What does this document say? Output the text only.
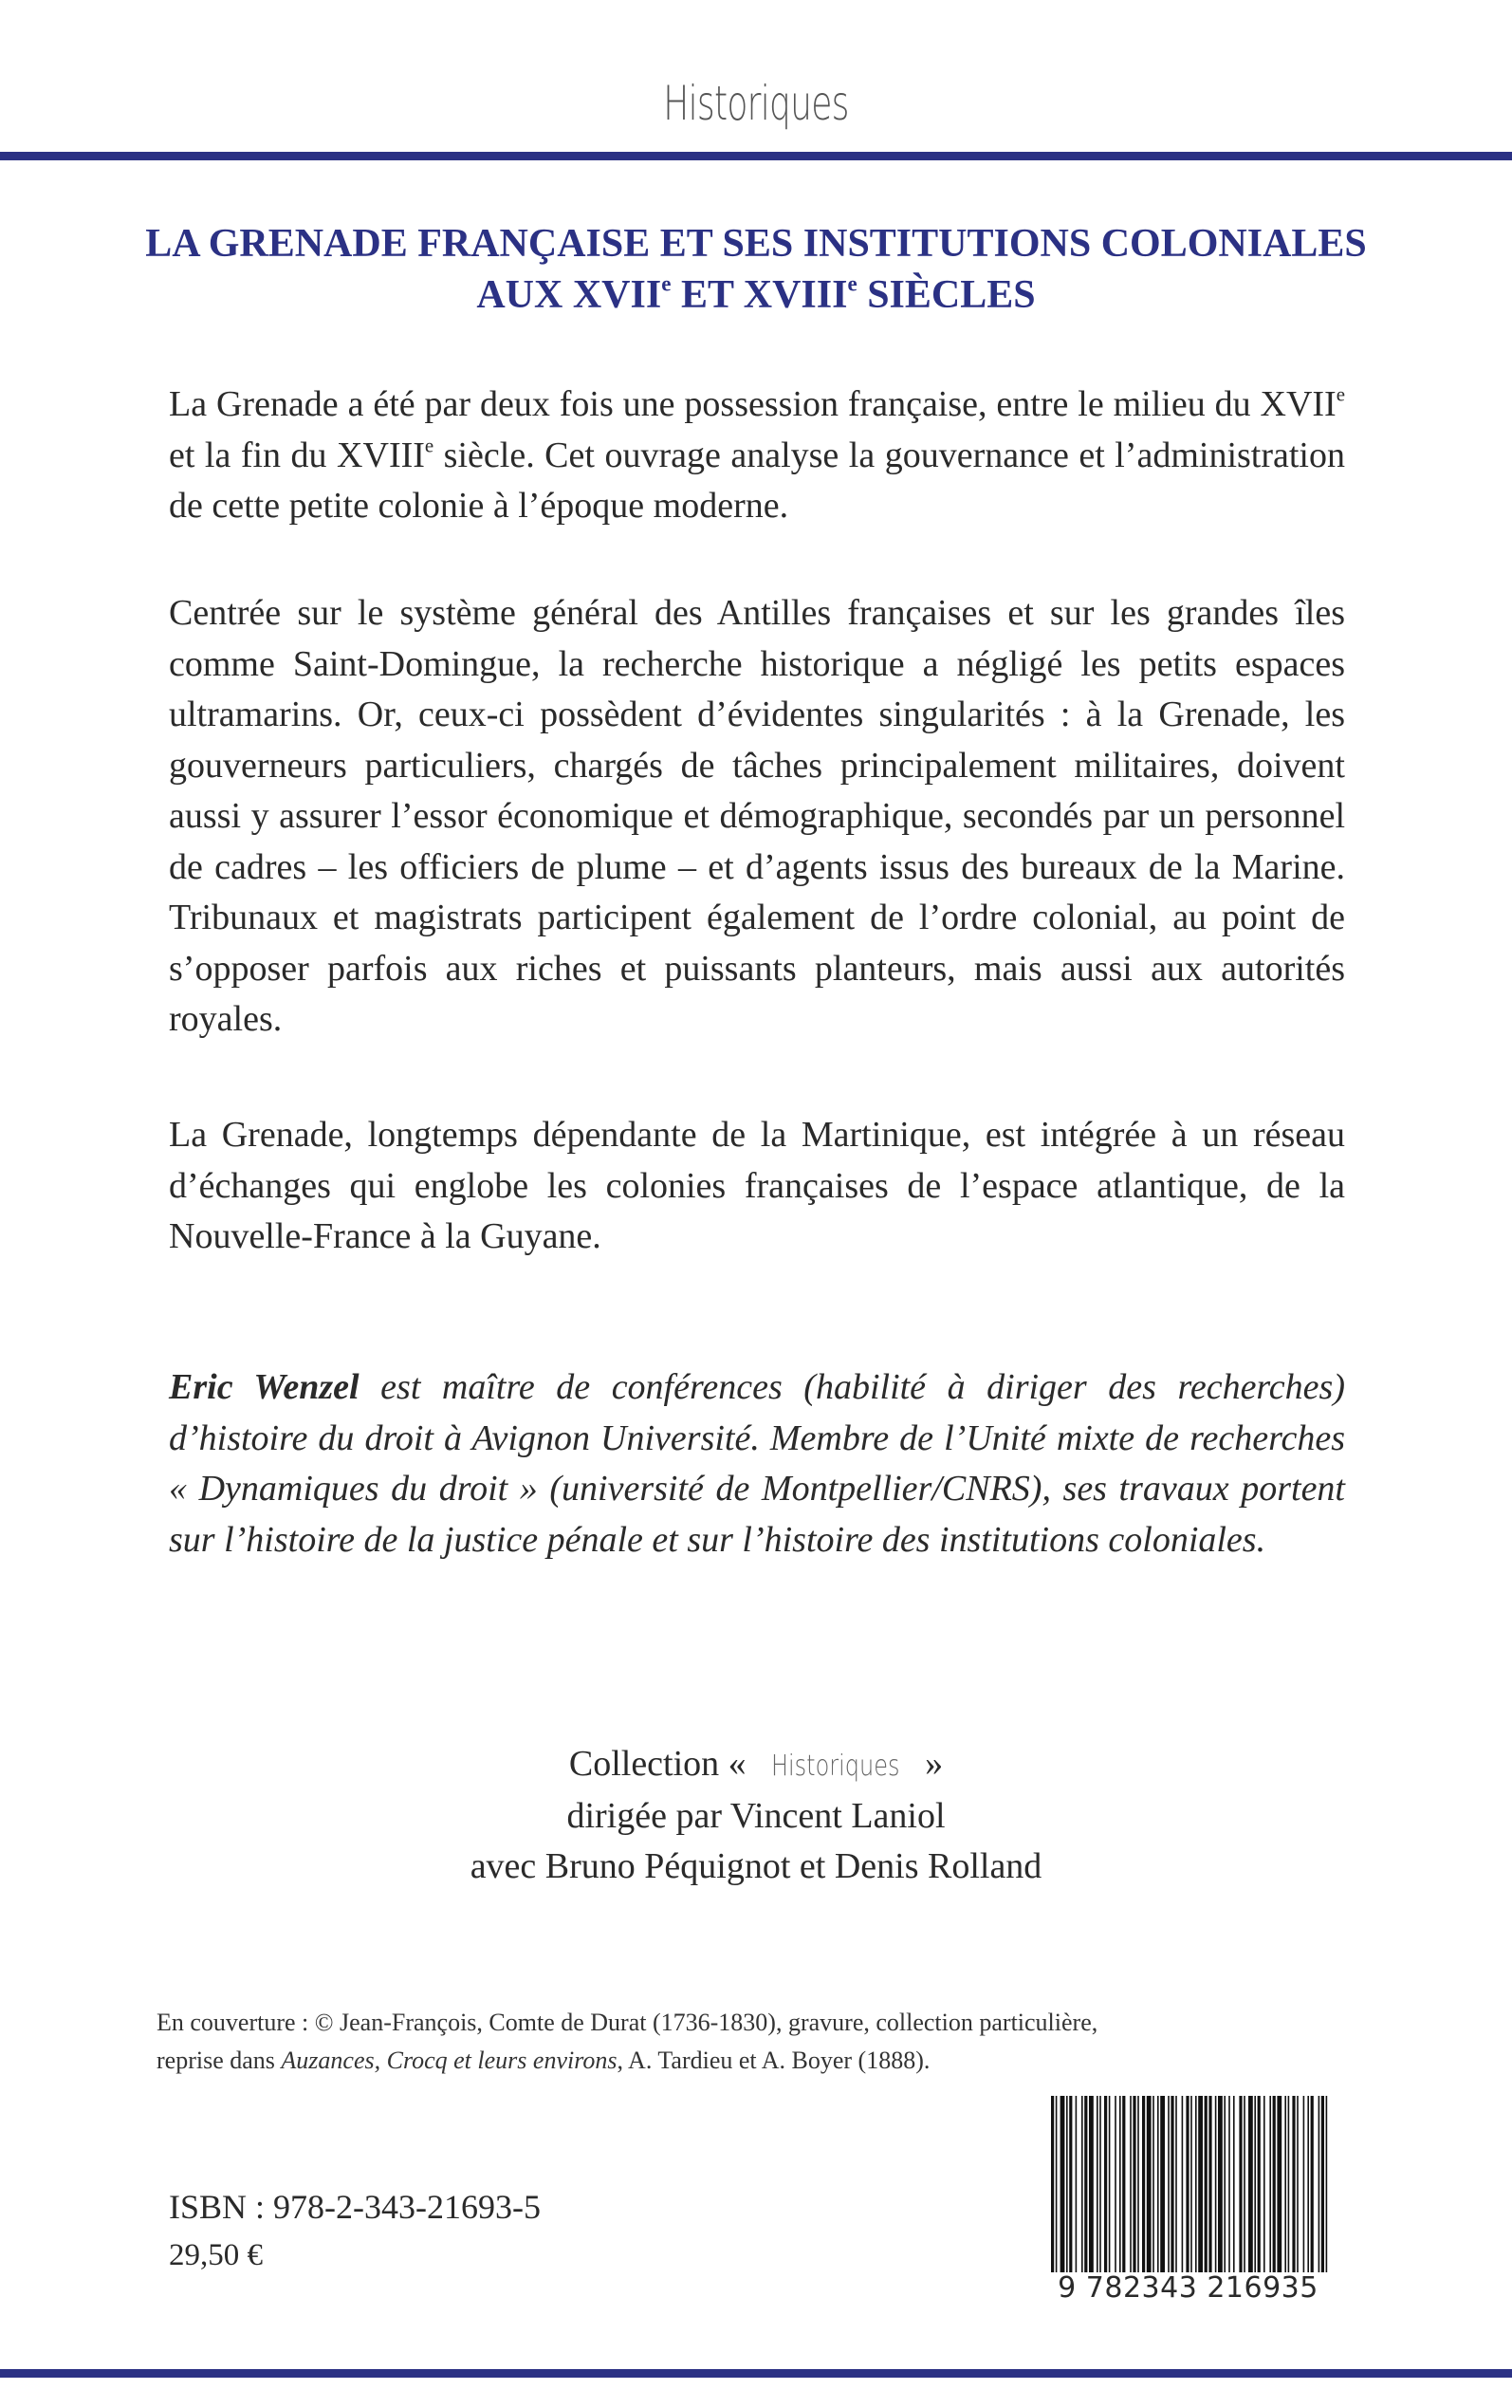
Historiques
LA GRENADE FRANÇAISE ET SES INSTITUTIONS COLONIALES
AUX XVIIe ET XVIIIe SIÈCLES

La Grenade a été par deux fois une possession française, entre le milieu du XVIIe et la fin du XVIIIe siècle. Cet ouvrage analyse la gouvernance et l’administration de cette petite colonie à l’époque moderne.

Centrée sur le système général des Antilles françaises et sur les grandes îles comme Saint-Domingue, la recherche historique a négligé les petits espaces ultramarins. Or, ceux-ci possèdent d’évidentes singularités : à la Grenade, les gouverneurs particuliers, chargés de tâches principalement militaires, doivent aussi y assurer l’essor économique et démographique, secondés par un personnel de cadres – les officiers de plume – et d’agents issus des bureaux de la Marine. Tribunaux et magistrats participent également de l’ordre colonial, au point de s’opposer parfois aux riches et puissants planteurs, mais aussi aux autorités royales.

La Grenade, longtemps dépendante de la Martinique, est intégrée à un réseau d’échanges qui englobe les colonies françaises de l’espace atlantique, de la Nouvelle-France à la Guyane.

Eric Wenzel est maître de conférences (habilité à diriger des recherches) d’histoire du droit à Avignon Université. Membre de l’Unité mixte de recherches « Dynamiques du droit » (université de Montpellier/CNRS), ses travaux portent sur l’histoire de la justice pénale et sur l’histoire des institutions coloniales.

Collection « Historiques »
dirigée par Vincent Laniol
avec Bruno Péquignot et Denis Rolland

En couverture : © Jean-François, Comte de Durat (1736-1830), gravure, collection particulière,
reprise dans Auzances, Crocq et leurs environs, A. Tardieu et A. Boyer (1888).

ISBN : 978-2-343-21693-5

29,50 €

9 782343 216935
